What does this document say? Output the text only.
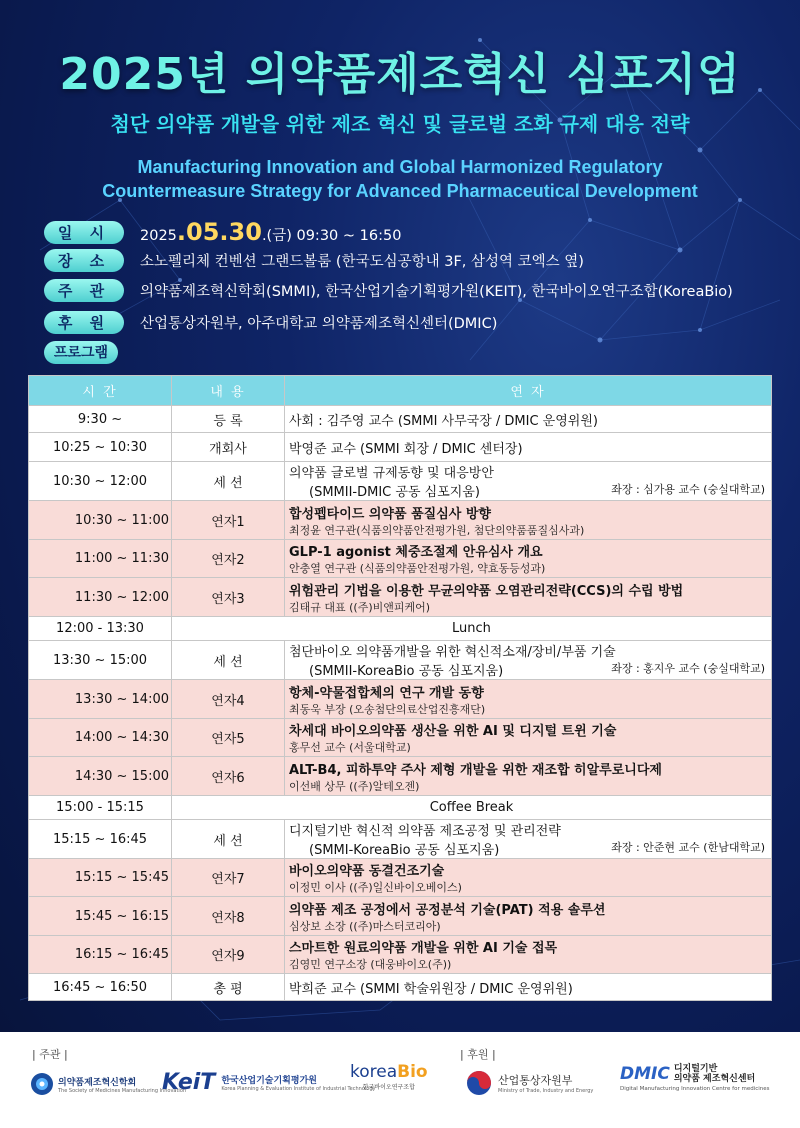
2025년 의약품제조혁신 심포지엄
첨단 의약품 개발을 위한 제조 혁신 및 글로벌 조화 규제 대응 전략
Manufacturing Innovation and Global Harmonized Regulatory
Countermeasure Strategy for Advanced Pharmaceutical Development
일 시	2025.05.30.(금) 09:30 ~ 16:50
장 소	소노펠리체 컨벤션 그랜드볼룸 (한국도심공항내 3F, 삼성역 코엑스 옆)
주 관	의약품제조혁신학회(SMMI), 한국산업기술기획평가원(KEIT), 한국바이오연구조합(KoreaBio)
후 원	산업통상자원부, 아주대학교 의약품제조혁신센터(DMIC)
프로그램
시 간	내 용	연 자
9:30 ~	등 록	사회 : 김주영 교수 (SMMI 사무국장 / DMIC 운영위원)
10:25 ~ 10:30	개회사	박영준 교수 (SMMI 회장 / DMIC 센터장)
10:30 ~ 12:00	세 션	의약품 글로벌 규제동향 및 대응방안
(SMMII-DMIC 공동 심포지움) 좌장 : 심가용 교수 (숭실대학교)

10:30 ~ 11:00	연자1	합성펩타이드 의약품 품질심사 방향
최정윤 연구관(식품의약품안전평가원, 첨단의약품품질심사과)

11:00 ~ 11:30	연자2	GLP-1 agonist 체중조절제 안유심사 개요
안충열 연구관 (식품의약품안전평가원, 약효동등성과)

11:30 ~ 12:00	연자3	위험관리 기법을 이용한 무균의약품 오염관리전략(CCS)의 수립 방법
김태규 대표 ((주)비앤피케어)

12:00 - 13:30	Lunch	
13:30 ~ 15:00	세 션	첨단바이오 의약품개발을 위한 혁신적소재/장비/부품 기술
(SMMII-KoreaBio 공동 심포지움) 좌장 : 홍지우 교수 (숭실대학교)

13:30 ~ 14:00	연자4	항체-약물접합체의 연구 개발 동향
최동욱 부장 (오송첨단의료산업진흥재단)

14:00 ~ 14:30	연자5	차세대 바이오의약품 생산을 위한 AI 및 디지털 트윈 기술
홍무선 교수 (서울대학교)

14:30 ~ 15:00	연자6	ALT-B4, 피하투약 주사 제형 개발을 위한 재조합 히알루로니다제
이선배 상무 ((주)알테오젠)

15:00 - 15:15	Coffee Break	
15:15 ~ 16:45	세 션	디지털기반 혁신적 의약품 제조공정 및 관리전략
(SMMI-KoreaBio 공동 심포지움) 좌장 : 안준현 교수 (한남대학교)

15:15 ~ 15:45	연자7	바이오의약품 동결건조기술
이정민 이사 ((주)일신바이오베이스)

15:45 ~ 16:15	연자8	의약품 제조 공정에서 공정분석 기술(PAT) 적용 솔루션
심상보 소장 ((주)마스터코리아)

16:15 ~ 16:45	연자9	스마트한 원료의약품 개발을 위한 AI 기술 접목
김영민 연구소장 (대웅바이오(주))

16:45 ~ 16:50	총 평	박희준 교수 (SMMI 학술위원장 / DMIC 운영위원)
| 주관 |	| 후원 |
의약품제조혁신학회
The Society of Medicines Manufacturing Innovation
KeiT 한국산업기술기획평가원
Korea Planning & Evaluation Institute of Industrial Technology
koreaBio
한국바이오연구조합
산업통상자원부
Ministry of Trade, Industry and Energy
DMIC 디지털기반
의약품 제조혁신센터
Digital Manufacturing Innovation Centre for medicines
